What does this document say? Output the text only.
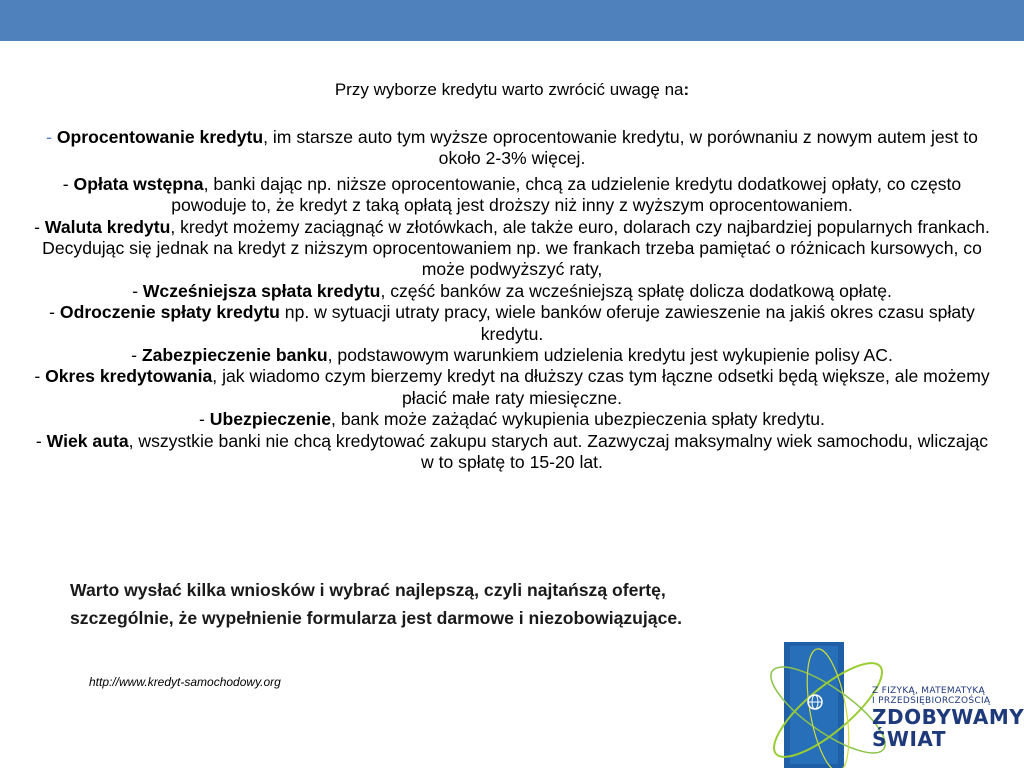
Przy wyborze kredytu warto zwrócić uwagę na:
- Oprocentowanie kredytu, im starsze auto tym wyższe oprocentowanie kredytu, w porównaniu z nowym autem jest to około 2-3% więcej.
- Opłata wstępna, banki dając np. niższe oprocentowanie, chcą za udzielenie kredytu dodatkowej opłaty, co często powoduje to, że kredyt z taką opłatą jest droższy niż inny z wyższym oprocentowaniem.
- Waluta kredytu, kredyt możemy zaciągnąć w złotówkach, ale także euro, dolarach czy najbardziej popularnych frankach. Decydując się jednak na kredyt z niższym oprocentowaniem np. we frankach trzeba pamiętać o różnicach kursowych, co może podwyższyć raty,
- Wcześniejsza spłata kredytu, część banków za wcześniejszą spłatę dolicza dodatkową opłatę.
- Odroczenie spłaty kredytu np. w sytuacji utraty pracy, wiele banków oferuje zawieszenie na jakiś okres czasu spłaty kredytu.
- Zabezpieczenie banku, podstawowym warunkiem udzielenia kredytu jest wykupienie polisy AC.
- Okres kredytowania, jak wiadomo czym bierzemy kredyt na dłuższy czas tym łączne odsetki będą większe, ale możemy płacić małe raty miesięczne.
- Ubezpieczenie, bank może zażądać wykupienia ubezpieczenia spłaty kredytu.
- Wiek auta, wszystkie banki nie chcą kredytować zakupu starych aut. Zazwyczaj maksymalny wiek samochodu, wliczając w to spłatę to 15-20 lat.
Warto wysłać kilka wniosków i wybrać najlepszą, czyli najtańszą ofertę,
szczególnie, że wypełnienie formularza jest darmowe i niezobowiązujące.
http://www.kredyt-samochodowy.org
Z FIZYKĄ, MATEMATYKĄ
I PRZEDSIĘBIORCZOŚCIĄ
ZDOBYWAMY
ŚWIAT
